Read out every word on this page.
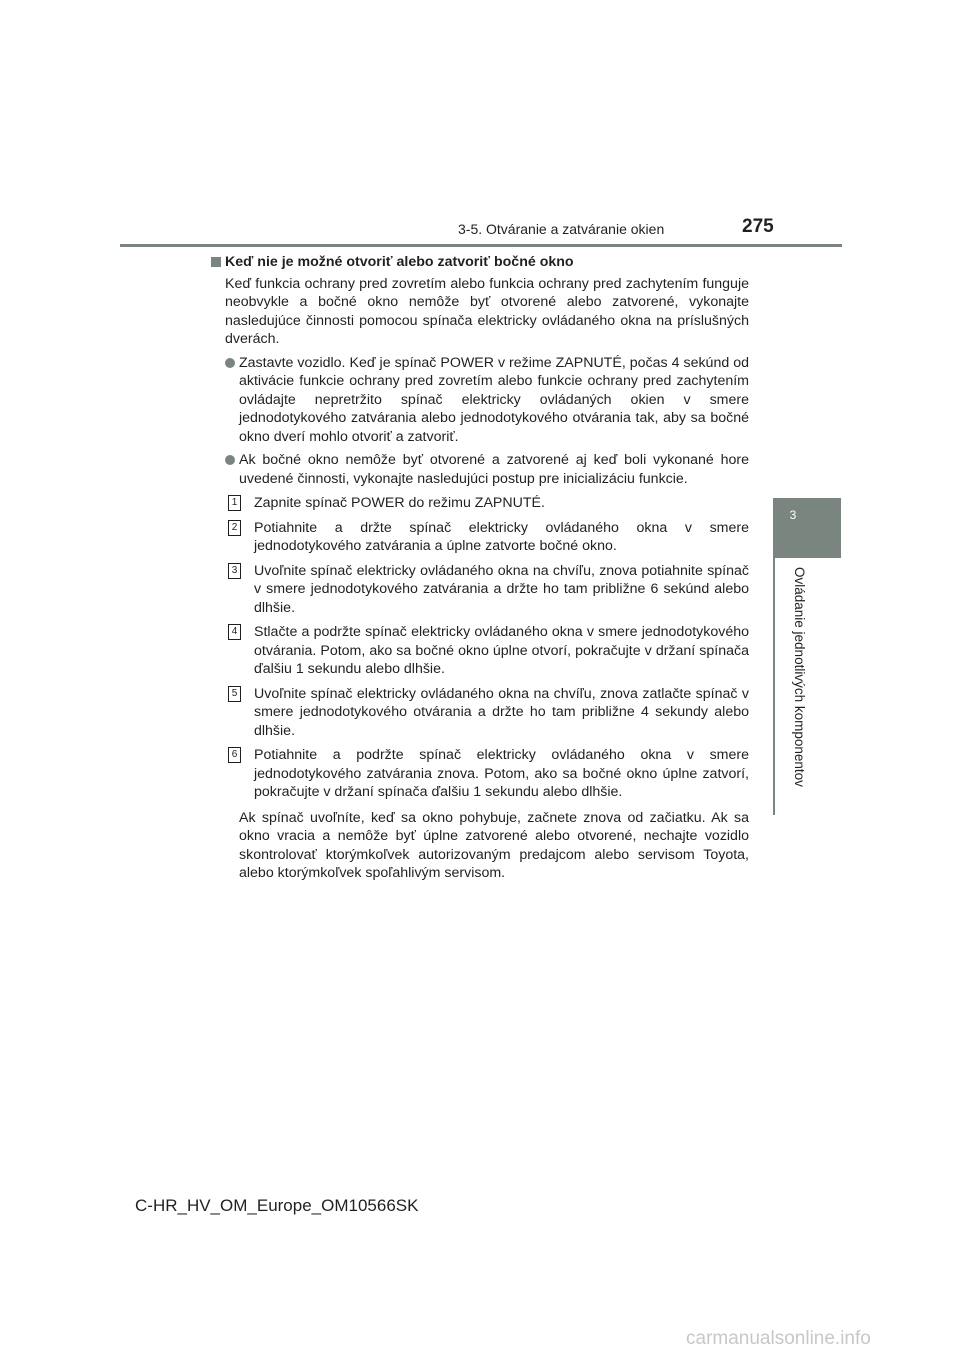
3-5. Otváranie a zatváranie okien	275
3
Ovládanie jednotlivých komponentov
Keď nie je možné otvoriť alebo zatvoriť bočné okno
Keď funkcia ochrany pred zovretím alebo funkcia ochrany pred zachytením funguje neobvykle a bočné okno nemôže byť otvorené alebo zatvorené, vykonajte nasledujúce činnosti pomocou spínača elektricky ovládaného okna na príslušných dverách.
Zastavte vozidlo. Keď je spínač POWER v režime ZAPNUTÉ, počas 4 sekúnd od aktivácie funkcie ochrany pred zovretím alebo funkcie ochrany pred zachytením ovládajte nepretržito spínač elektricky ovládaných okien v smere jednodotykového zatvárania alebo jednodotykového otvárania tak, aby sa bočné okno dverí mohlo otvoriť a zatvoriť.
Ak bočné okno nemôže byť otvorené a zatvorené aj keď boli vykonané hore uvedené činnosti, vykonajte nasledujúci postup pre inicializáciu funkcie.
1 Zapnite spínač POWER do režimu ZAPNUTÉ.
2 Potiahnite a držte spínač elektricky ovládaného okna v smere jednodotykového zatvárania a úplne zatvorte bočné okno.
3 Uvoľnite spínač elektricky ovládaného okna na chvíľu, znova potiahnite spínač v smere jednodotykového zatvárania a držte ho tam približne 6 sekúnd alebo dlhšie.
4 Stlačte a podržte spínač elektricky ovládaného okna v smere jednodotykového otvárania. Potom, ako sa bočné okno úplne otvorí, pokračujte v držaní spínača ďalšiu 1 sekundu alebo dlhšie.
5 Uvoľnite spínač elektricky ovládaného okna na chvíľu, znova zatlačte spínač v smere jednodotykového otvárania a držte ho tam približne 4 sekundy alebo dlhšie.
6 Potiahnite a podržte spínač elektricky ovládaného okna v smere jednodotykového zatvárania znova. Potom, ako sa bočné okno úplne zatvorí, pokračujte v držaní spínača ďalšiu 1 sekundu alebo dlhšie.
Ak spínač uvoľníte, keď sa okno pohybuje, začnete znova od začiatku. Ak sa okno vracia a nemôže byť úplne zatvorené alebo otvorené, nechajte vozidlo skontrolovať ktorýmkoľvek autorizovaným predajcom alebo servisom Toyota, alebo ktorýmkoľvek spoľahlivým servisom.
C-HR_HV_OM_Europe_OM10566SK
carmanualsonline.info
